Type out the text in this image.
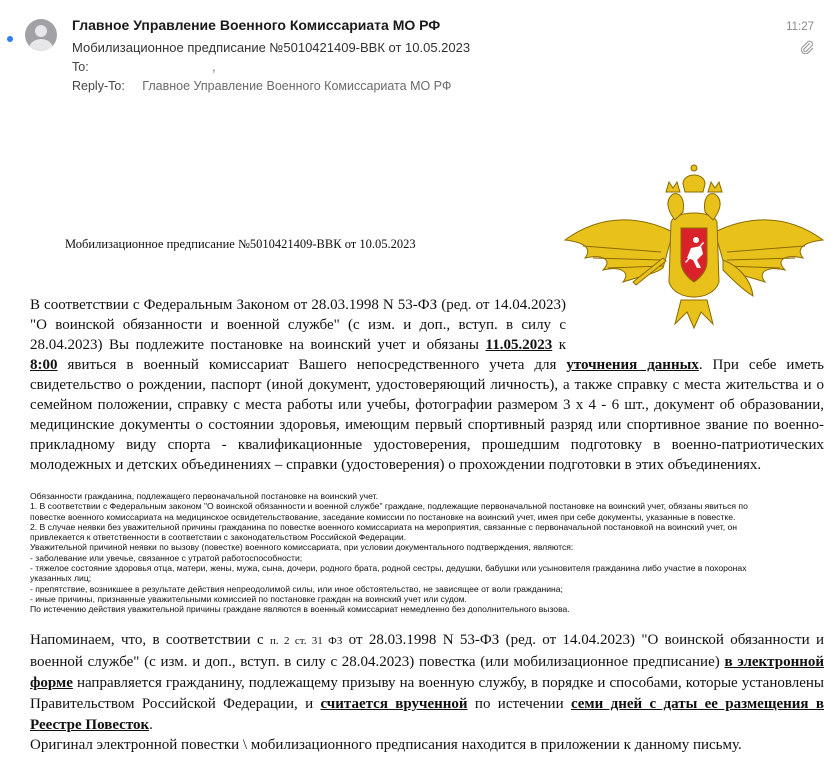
Главное Управление Военного Комиссариата МО РФ
Мобилизационное предписание №5010421409-ВВК от 10.05.2023
To:	,
Reply-To: Главное Управление Военного Комиссариата МО РФ
11:27
Мобилизационное предписание №5010421409-ВВК от 10.05.2023
В соответствии с Федеральным Законом от 28.03.1998 N 53-ФЗ (ред. от 14.04.2023) "О воинской обязанности и военной службе" (с изм. и доп., вступ. в силу с 28.04.2023) Вы подлежите постановке на воинский учет и обязаны 11.05.2023 к 8:00 явиться в военный комиссариат Вашего непосредственного учета для уточнения данных. При себе иметь свидетельство о рождении, паспорт (иной документ, удостоверяющий личность), а также справку с места жительства и о семейном положении, справку с места работы или учебы, фотографии размером 3 х 4 - 6 шт., документ об образовании, медицинские документы о состоянии здоровья, имеющим первый спортивный разряд или спортивное звание по военно-прикладному виду спорта - квалификационные удостоверения, прошедшим подготовку в военно-патриотических молодежных и детских объединениях – справки (удостоверения) о прохождении подготовки в этих объединениях.
Обязанности гражданина, подлежащего первоначальной постановке на воинский учет.
1. В соответствии с Федеральным законом "О воинской обязанности и военной службе" граждане, подлежащие первоначальной постановке на воинский учет, обязаны явиться по
повестке военного комиссариата на медицинское освидетельствование, заседание комиссии по постановке на воинский учет, имея при себе документы, указанные в повестке.
2. В случае неявки без уважительной причины гражданина по повестке военного комиссариата на мероприятия, связанные с первоначальной постановкой на воинский учет, он
привлекается к ответственности в соответствии с законодательством Российской Федерации.
Уважительной причиной неявки по вызову (повестке) военного комиссариата, при условии документального подтверждения, являются:
- заболевание или увечье, связанное с утратой работоспособности;
- тяжелое состояние здоровья отца, матери, жены, мужа, сына, дочери, родного брата, родной сестры, дедушки, бабушки или усыновителя гражданина либо участие в похоронах
указанных лиц;
- препятствие, возникшее в результате действия непреодолимой силы, или иное обстоятельство, не зависящее от воли гражданина;
- иные причины, признанные уважительными комиссией по постановке граждан на воинский учет или судом.
По истечению действия уважительной причины граждане являются в военный комиссариат немедленно без дополнительного вызова.
Напоминаем, что, в соответствии с п. 2 ст. 31 ФЗ от 28.03.1998 N 53-ФЗ (ред. от 14.04.2023) "О воинской обязанности и военной службе" (с изм. и доп., вступ. в силу с 28.04.2023) повестка (или мобилизационное предписание) в электронной форме направляется гражданину, подлежащему призыву на военную службу, в порядке и способами, которые установлены Правительством Российской Федерации, и считается врученной по истечении семи дней с даты ее размещения в Реестре Повесток.
Оригинал электронной повестки \ мобилизационного предписания находится в приложении к данному письму.
